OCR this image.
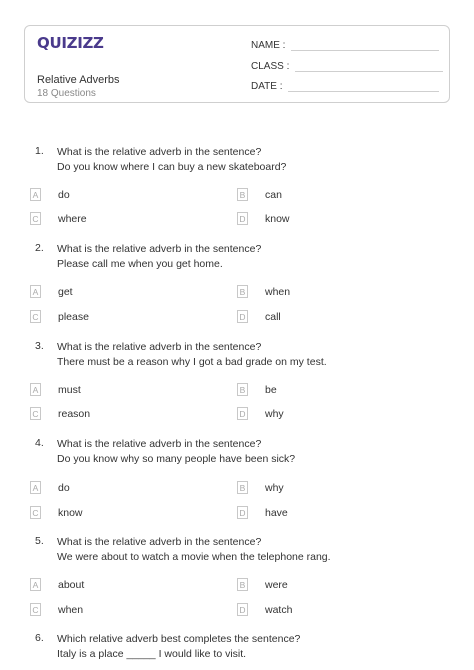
QUIZIZZ
Relative Adverbs
18 Questions
NAME :
CLASS :
DATE :
1. What is the relative adverb in the sentence?
Do you know where I can buy a new skateboard?
A do	B can
C where	D know
2. What is the relative adverb in the sentence?
Please call me when you get home.
A get	B when
C please	D call
3. What is the relative adverb in the sentence?
There must be a reason why I got a bad grade on my test.
A must	B be
C reason	D why
4. What is the relative adverb in the sentence?
Do you know why so many people have been sick?
A do	B why
C know	D have
5. What is the relative adverb in the sentence?
We were about to watch a movie when the telephone rang.
A about	B were
C when	D watch
6. Which relative adverb best completes the sentence?
Italy is a place _____ I would like to visit.
